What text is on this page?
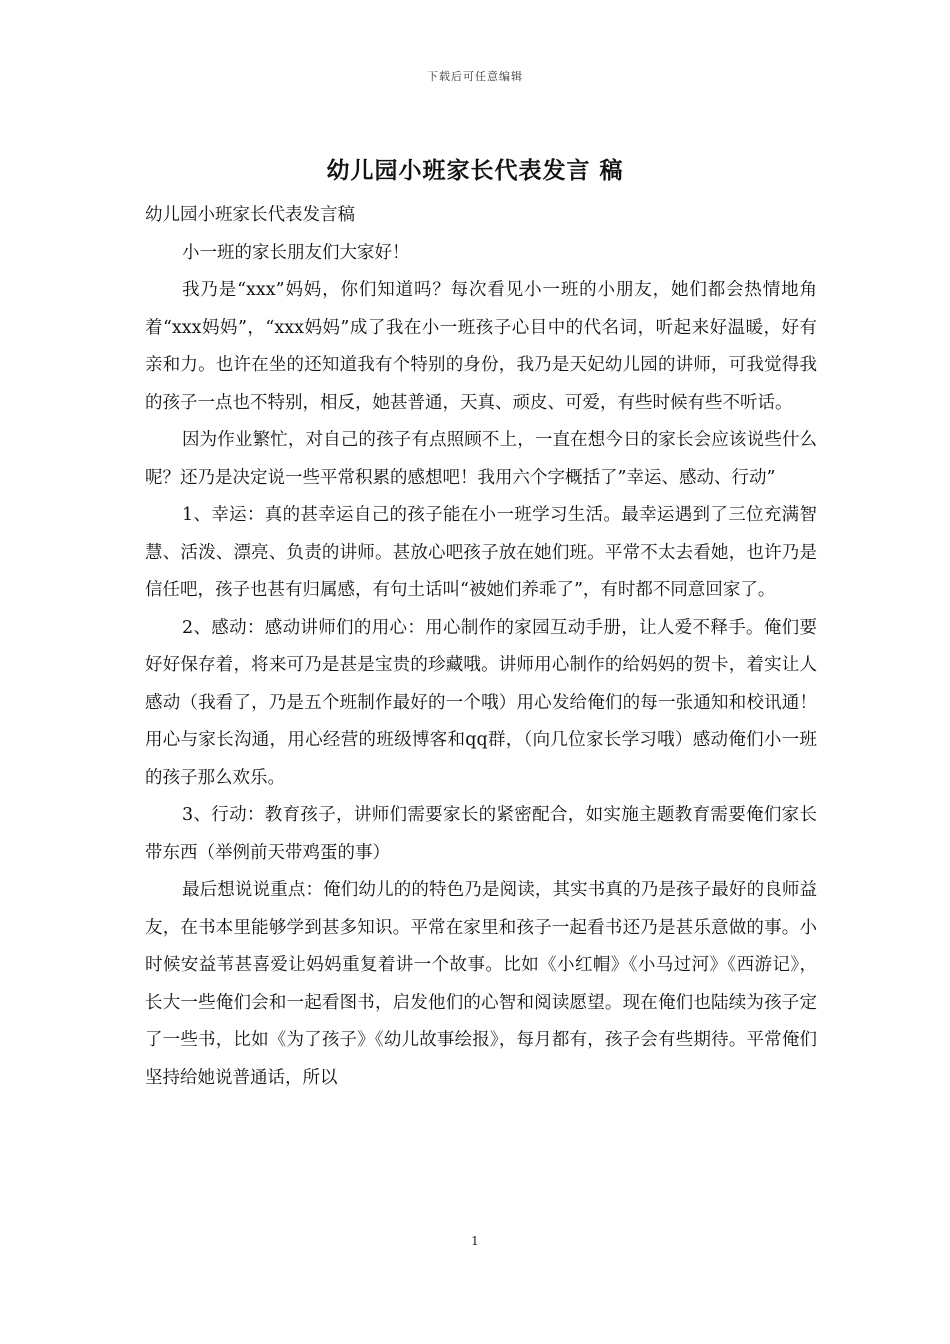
下载后可任意编辑
幼儿园小班家长代表发言 稿

幼儿园小班家长代表发言稿

小一班的家长朋友们大家好！

我乃是“xxx”妈妈，你们知道吗？每次看见小一班的小朋友，她们都会热情地角着“xxx妈妈”，“xxx妈妈”成了我在小一班孩子心目中的代名词，听起来好温暖，好有亲和力。也许在坐的还知道我有个特别的身份，我乃是天妃幼儿园的讲师，可我觉得我的孩子一点也不特别，相反，她甚普通，天真、顽皮、可爱，有些时候有些不听话。

因为作业繁忙，对自己的孩子有点照顾不上，一直在想今日的家长会应该说些什么呢？还乃是决定说一些平常积累的感想吧！我用六个字概括了”幸运、感动、行动”

1、幸运：真的甚幸运自己的孩子能在小一班学习生活。最幸运遇到了三位充满智慧、活泼、漂亮、负责的讲师。甚放心吧孩子放在她们班。平常不太去看她，也许乃是信任吧，孩子也甚有归属感，有句土话叫“被她们养乖了”，有时都不同意回家了。

2、感动：感动讲师们的用心：用心制作的家园互动手册，让人爱不释手。俺们要好好保存着，将来可乃是甚是宝贵的珍藏哦。讲师用心制作的给妈妈的贺卡，着实让人感动（我看了，乃是五个班制作最好的一个哦）用心发给俺们的每一张通知和校讯通！用心与家长沟通，用心经营的班级博客和qq群，（向几位家长学习哦）感动俺们小一班的孩子那么欢乐。

3、行动：教育孩子，讲师们需要家长的紧密配合，如实施主题教育需要俺们家长带东西（举例前天带鸡蛋的事）

最后想说说重点：俺们幼儿的的特色乃是阅读，其实书真的乃是孩子最好的良师益友，在书本里能够学到甚多知识。平常在家里和孩子一起看书还乃是甚乐意做的事。小时候安益苇甚喜爱让妈妈重复着讲一个故事。比如《小红帽》《小马过河》《西游记》，长大一些俺们会和一起看图书，启发他们的心智和阅读愿望。现在俺们也陆续为孩子定了一些书，比如《为了孩子》《幼儿故事绘报》，每月都有，孩子会有些期待。平常俺们坚持给她说普通话，所以

1
